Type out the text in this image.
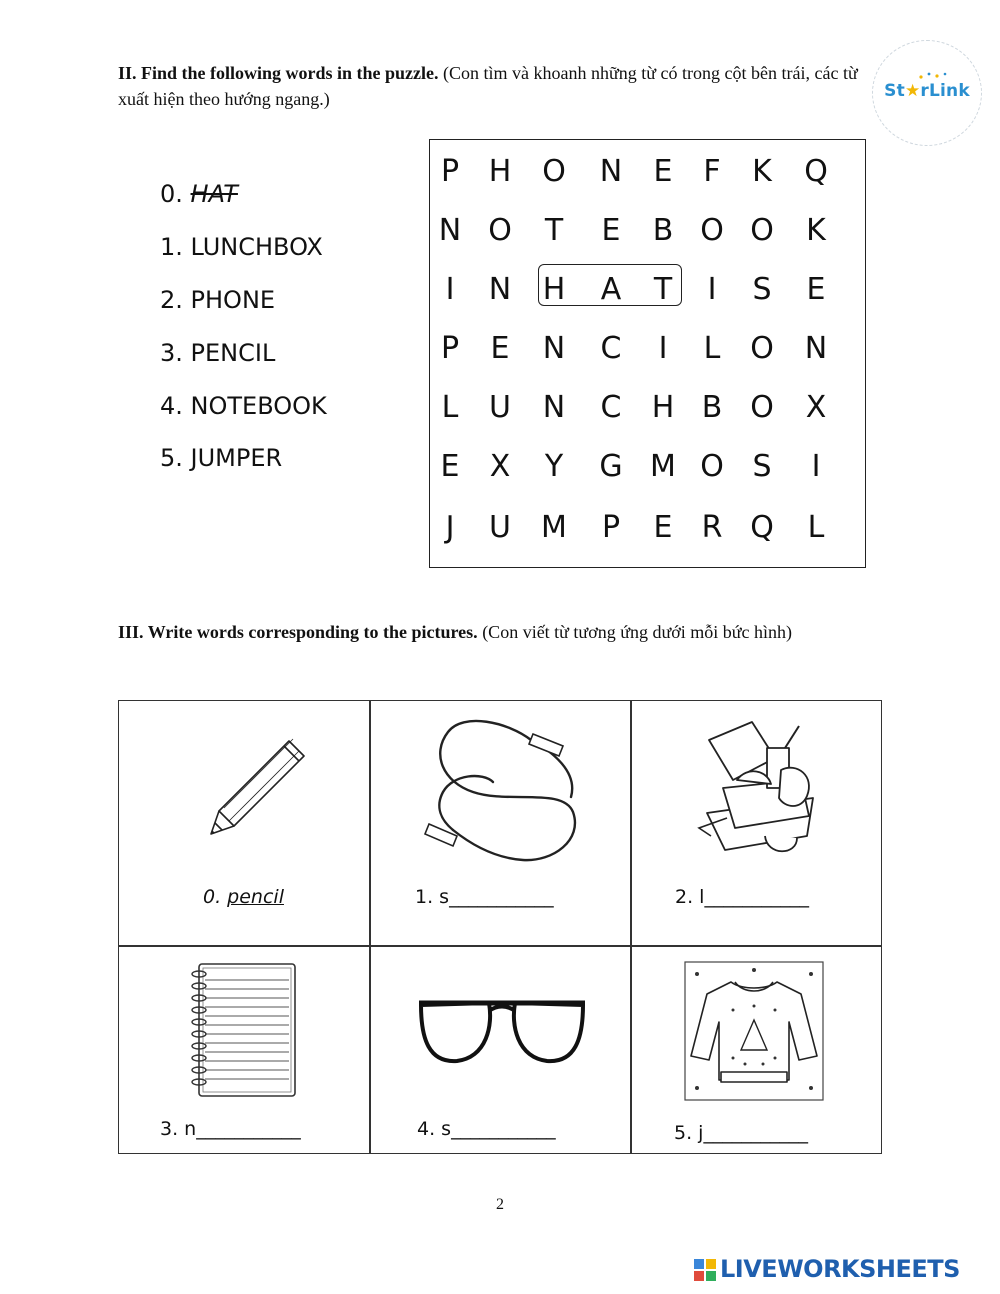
II. Find the following words in the puzzle. (Con tìm và khoanh những từ có trong cột bên trái, các từ xuất hiện theo hướng ngang.)	St★rLink
0. HAT
1. LUNCHBOX
2. PHONE
3. PENCIL
4. NOTEBOOK
5. JUMPER
P H O N	E	F	K	Q
N O	T	E	B O O	K
I	N H	A	T	I	S	E
P	E	N	C	I	L O N
L	U	N	C	H B O	X
E	X	Y	G M O S	I
J	U	M	P	E R Q	L
III. Write words corresponding to the pictures. (Con viết từ tương ứng dưới mỗi bức hình)
0. pencil	1. s___________	2. l___________
3. n___________	4. s___________	5. j___________
2
LIVEWORKSHEETS
